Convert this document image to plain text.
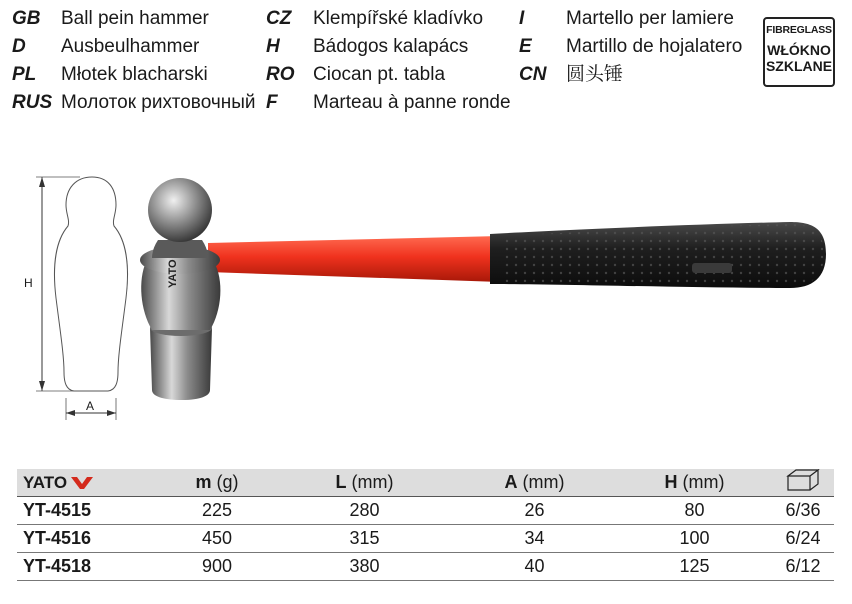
GB Ball pein hammer
D Ausbeulhammer
PL Młotek blacharski
RUS Молоток рихтовочный
CZ Klempířské kladívko
H Bádogos kalapács
RO Ciocan pt. tabla
F Marteau à panne ronde
I Martello per lamiere
E Martillo de hojalatero
CN 圆头锤
FIBREGLASS
WŁÓKNO
SZKLANE
YATO
H
A
YATO	m (g)	L (mm)	A (mm)	H (mm)	
YT-4515	225	280	26	80	6/36
YT-4516	450	315	34	100	6/24
YT-4518	900	380	40	125	6/12
